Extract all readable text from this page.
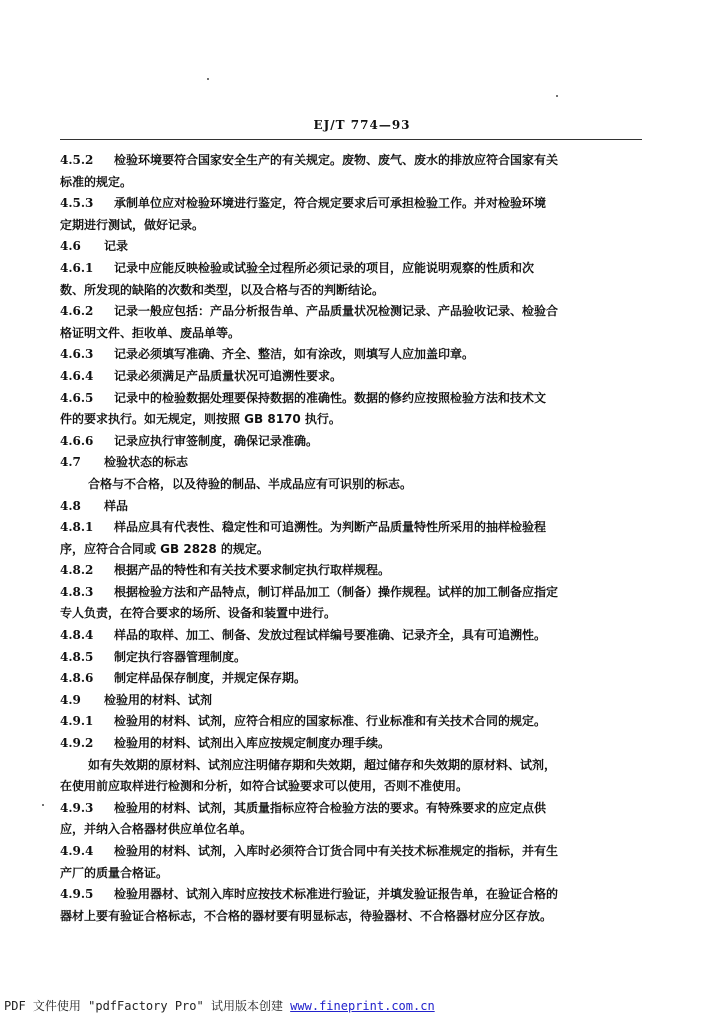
EJ/T 774—93
4.5.2 检验环境要符合国家安全生产的有关规定。废物、废气、废水的排放应符合国家有关
标准的规定。
4.5.3 承制单位应对检验环境进行鉴定，符合规定要求后可承担检验工作。并对检验环境
定期进行测试，做好记录。
4.6 记录
4.6.1 记录中应能反映检验或试验全过程所必须记录的项目，应能说明观察的性质和次
数、所发现的缺陷的次数和类型，以及合格与否的判断结论。
4.6.2 记录一般应包括：产品分析报告单、产品质量状况检测记录、产品验收记录、检验合
格证明文件、拒收单、废品单等。
4.6.3 记录必须填写准确、齐全、整洁，如有涂改，则填写人应加盖印章。
4.6.4 记录必须满足产品质量状况可追溯性要求。
4.6.5 记录中的检验数据处理要保持数据的准确性。数据的修约应按照检验方法和技术文
件的要求执行。如无规定，则按照 GB 8170 执行。
4.6.6 记录应执行审签制度，确保记录准确。
4.7 检验状态的标志
合格与不合格，以及待验的制品、半成品应有可识别的标志。
4.8 样品
4.8.1 样品应具有代表性、稳定性和可追溯性。为判断产品质量特性所采用的抽样检验程
序，应符合合同或 GB 2828 的规定。
4.8.2 根据产品的特性和有关技术要求制定执行取样规程。
4.8.3 根据检验方法和产品特点，制订样品加工（制备）操作规程。试样的加工制备应指定
专人负责，在符合要求的场所、设备和装置中进行。
4.8.4 样品的取样、加工、制备、发放过程试样编号要准确、记录齐全，具有可追溯性。
4.8.5 制定执行容器管理制度。
4.8.6 制定样品保存制度，并规定保存期。
4.9 检验用的材料、试剂
4.9.1 检验用的材料、试剂，应符合相应的国家标准、行业标准和有关技术合同的规定。
4.9.2 检验用的材料、试剂出入库应按规定制度办理手续。
如有失效期的原材料、试剂应注明储存期和失效期，超过储存和失效期的原材料、试剂，
在使用前应取样进行检测和分析，如符合试验要求可以使用，否则不准使用。
4.9.3 检验用的材料、试剂，其质量指标应符合检验方法的要求。有特殊要求的应定点供
应，并纳入合格器材供应单位名单。
4.9.4 检验用的材料、试剂，入库时必须符合订货合同中有关技术标准规定的指标，并有生
产厂的质量合格证。
4.9.5 检验用器材、试剂入库时应按技术标准进行验证，并填发验证报告单，在验证合格的
器材上要有验证合格标志，不合格的器材要有明显标志，待验器材、不合格器材应分区存放。
PDF 文件使用 "pdfFactory Pro" 试用版本创建 www.fineprint.com.cn
